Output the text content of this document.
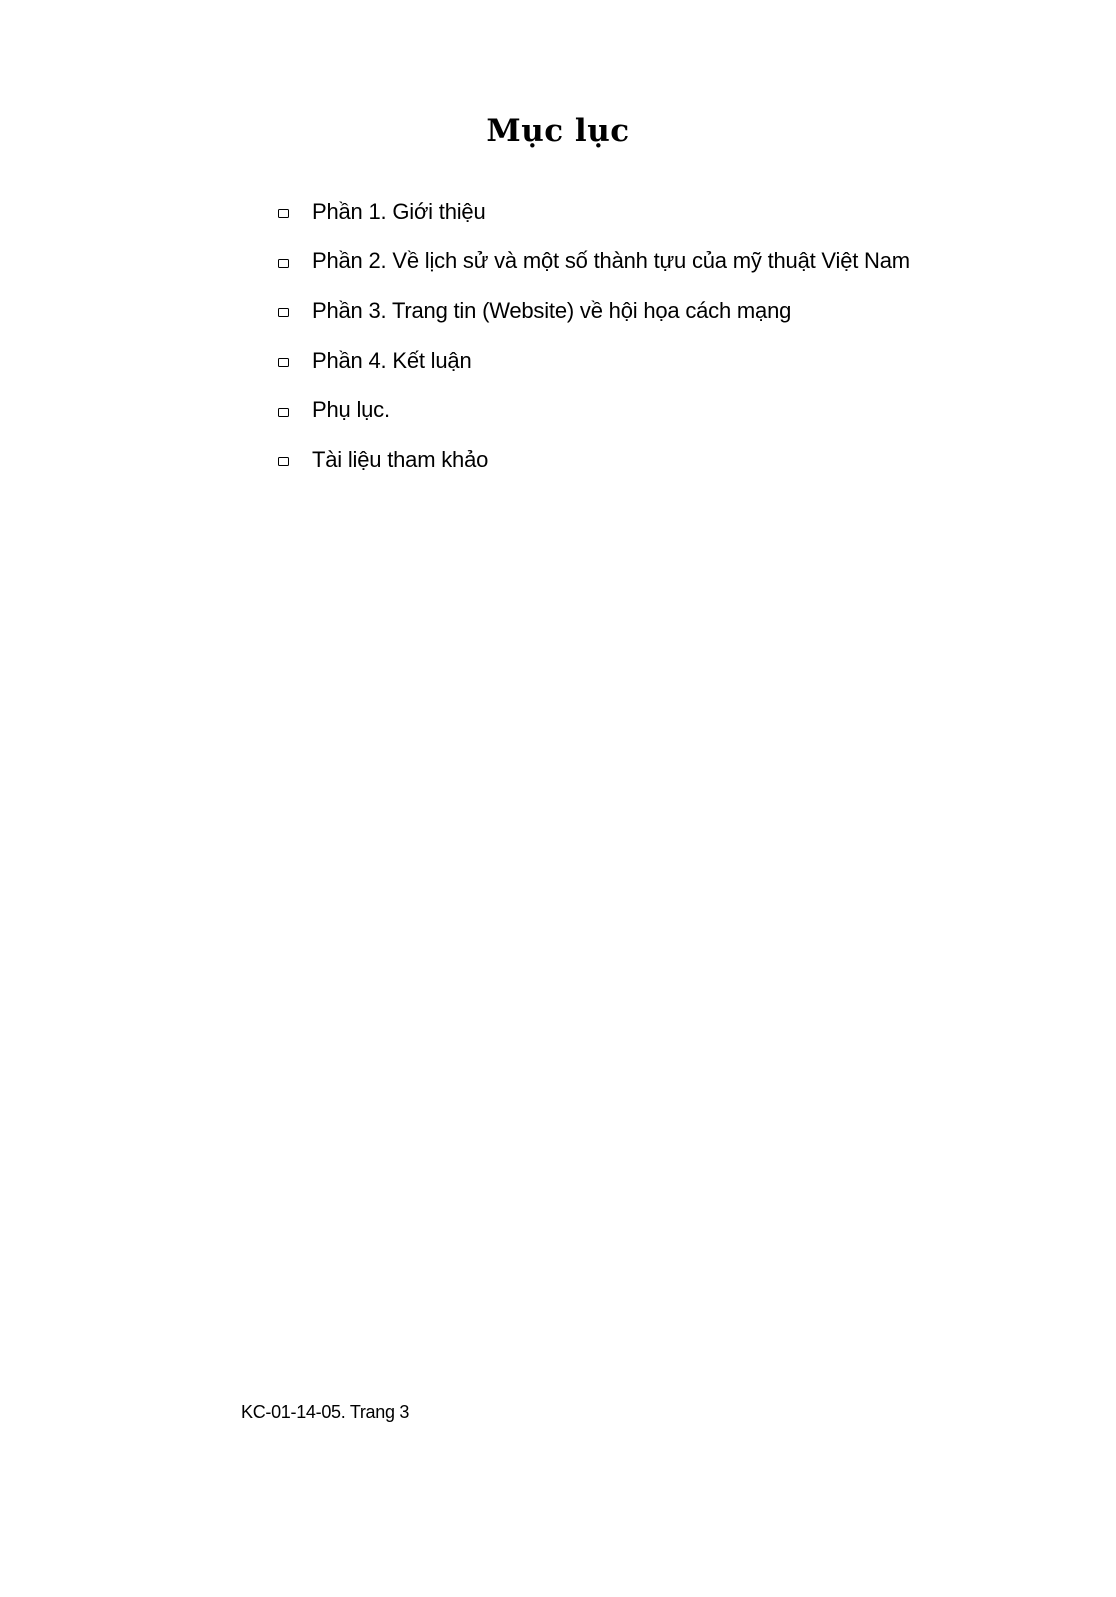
Mục lục
Phần 1. Giới thiệu
Phần 2. Về lịch sử và một số thành tựu của mỹ thuật Việt Nam
Phần 3. Trang tin (Website) về hội họa cách mạng
Phần 4. Kết luận
Phụ lục.
Tài liệu tham khảo
KC-01-14-05. Trang 3
